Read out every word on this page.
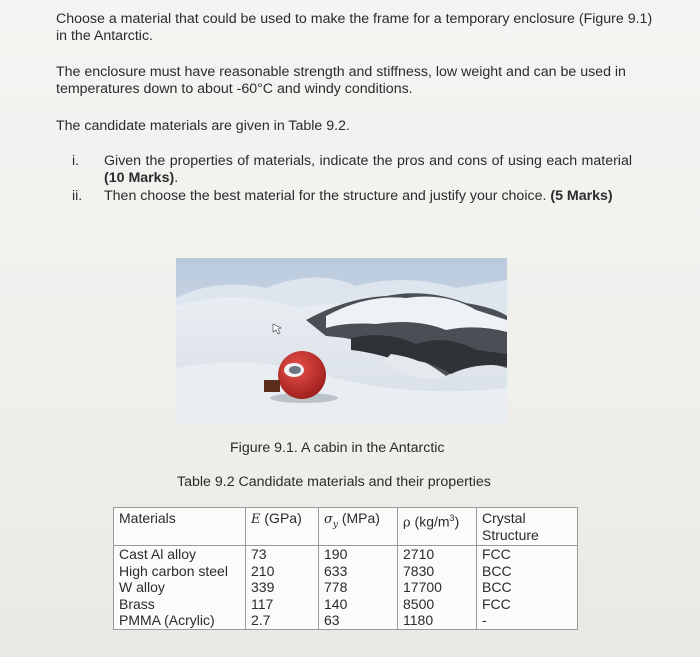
Choose a material that could be used to make the frame for a temporary enclosure (Figure 9.1) in the Antarctic.

The enclosure must have reasonable strength and stiffness, low weight and can be used in temperatures down to about -60°C and windy conditions.

The candidate materials are given in Table 9.2.

i.	Given the properties of materials, indicate the pros and cons of using each material (10 Marks).
ii.	Then choose the best material for the structure and justify your choice. (5 Marks)
Figure 9.1. A cabin in the Antarctic
Table 9.2 Candidate materials and their properties
Materials	E (GPa)	$\sigma_y$ (MPa)	ρ $(kg/m^3)$	Crystal Structure
Cast Al alloy	73	190	2710	FCC
High carbon steel	210	633	7830	BCC
W alloy	339	778	17700	BCC
Brass	117	140	8500	FCC
PMMA (Acrylic)	2.7	63	1180	-
